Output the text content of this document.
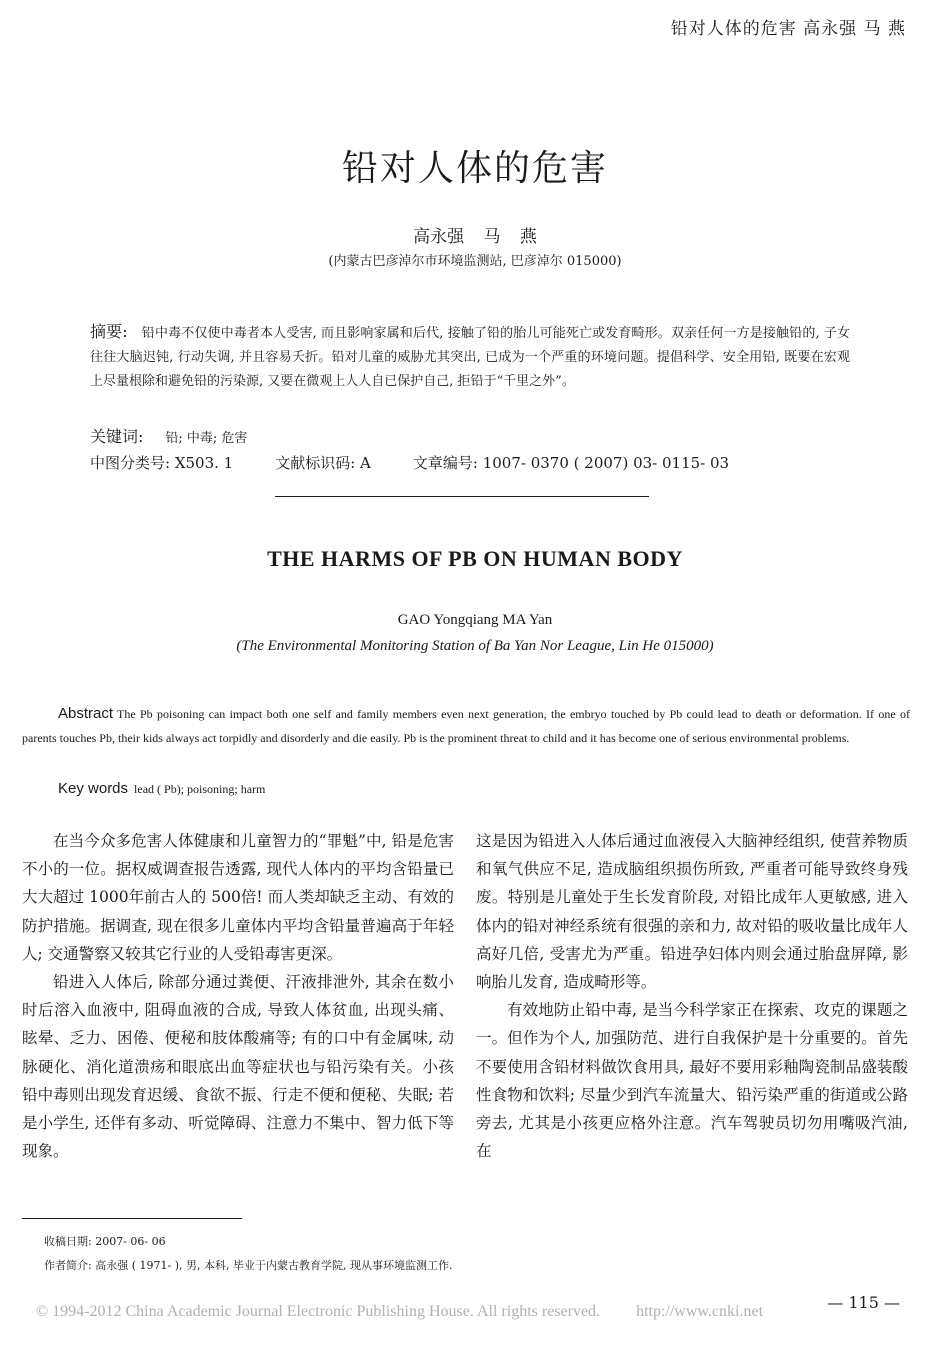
铅对人体的危害 高永强 马 燕
铅对人体的危害
高永强 马 燕
(内蒙古巴彦淖尔市环境监测站, 巴彦淖尔 015000)
摘要: 铅中毒不仅使中毒者本人受害, 而且影响家属和后代, 接触了铅的胎儿可能死亡或发育畸形。双亲任何一方是接触铅的, 子女往往大脑迟钝, 行动失调, 并且容易夭折。铅对儿童的威胁尤其突出, 已成为一个严重的环境问题。提倡科学、安全用铅, 既要在宏观上尽量根除和避免铅的污染源, 又要在微观上人人自已保护自己, 拒铅于“千里之外”。
关键词: 铅; 中毒; 危害
中图分类号: X503. 1	文献标识码: A	文章编号: 1007- 0370 ( 2007) 03- 0115- 03
THE HARMS OF PB ON HUMAN BODY
GAO Yongqiang MA Yan
(The Environmental Monitoring Station of Ba Yan Nor League, Lin He 015000)
Abstract The Pb poisoning can impact both one self and family members even next generation, the embryo touched by Pb could lead to death or deformation. If one of parents touches Pb, their kids always act torpidly and disorderly and die easily. Pb is the prominent threat to child and it has become one of serious environmental problems.
Key words lead ( Pb); poisoning; harm

在当今众多危害人体健康和儿童智力的“罪魁”中, 铅是危害不小的一位。据权威调查报告透露, 现代人体内的平均含铅量已大大超过 1000年前古人的 500倍! 而人类却缺乏主动、有效的防护措施。据调查, 现在很多儿童体内平均含铅量普遍高于年轻人; 交通警察又较其它行业的人受铅毒害更深。

铅进入人体后, 除部分通过粪便、汗液排泄外, 其余在数小时后溶入血液中, 阻碍血液的合成, 导致人体贫血, 出现头痛、眩晕、乏力、困倦、便秘和肢体酸痛等; 有的口中有金属味, 动脉硬化、消化道溃疡和眼底出血等症状也与铅污染有关。小孩铅中毒则出现发育迟缓、食欲不振、行走不便和便秘、失眠; 若是小学生, 还伴有多动、听觉障碍、注意力不集中、智力低下等现象。

这是因为铅进入人体后通过血液侵入大脑神经组织, 使营养物质和氧气供应不足, 造成脑组织损伤所致, 严重者可能导致终身残废。特别是儿童处于生长发育阶段, 对铅比成年人更敏感, 进入体内的铅对神经系统有很强的亲和力, 故对铅的吸收量比成年人高好几倍, 受害尤为严重。铅进孕妇体内则会通过胎盘屏障, 影响胎儿发育, 造成畸形等。

有效地防止铅中毒, 是当今科学家正在探索、攻克的课题之一。但作为个人, 加强防范、进行自我保护是十分重要的。首先不要使用含铅材料做饮食用具, 最好不要用彩釉陶瓷制品盛装酸性食物和饮料; 尽量少到汽车流量大、铅污染严重的街道或公路旁去, 尤其是小孩更应格外注意。汽车驾驶员切勿用嘴吸汽油, 在

收稿日期: 2007- 06- 06
作者简介: 高永强 ( 1971- ), 男, 本科, 毕业于内蒙古教育学院, 现从事环境监测工作.
— 115 —
© 1994-2012 China Academic Journal Electronic Publishing House. All rights reserved. http://www.cnki.net
